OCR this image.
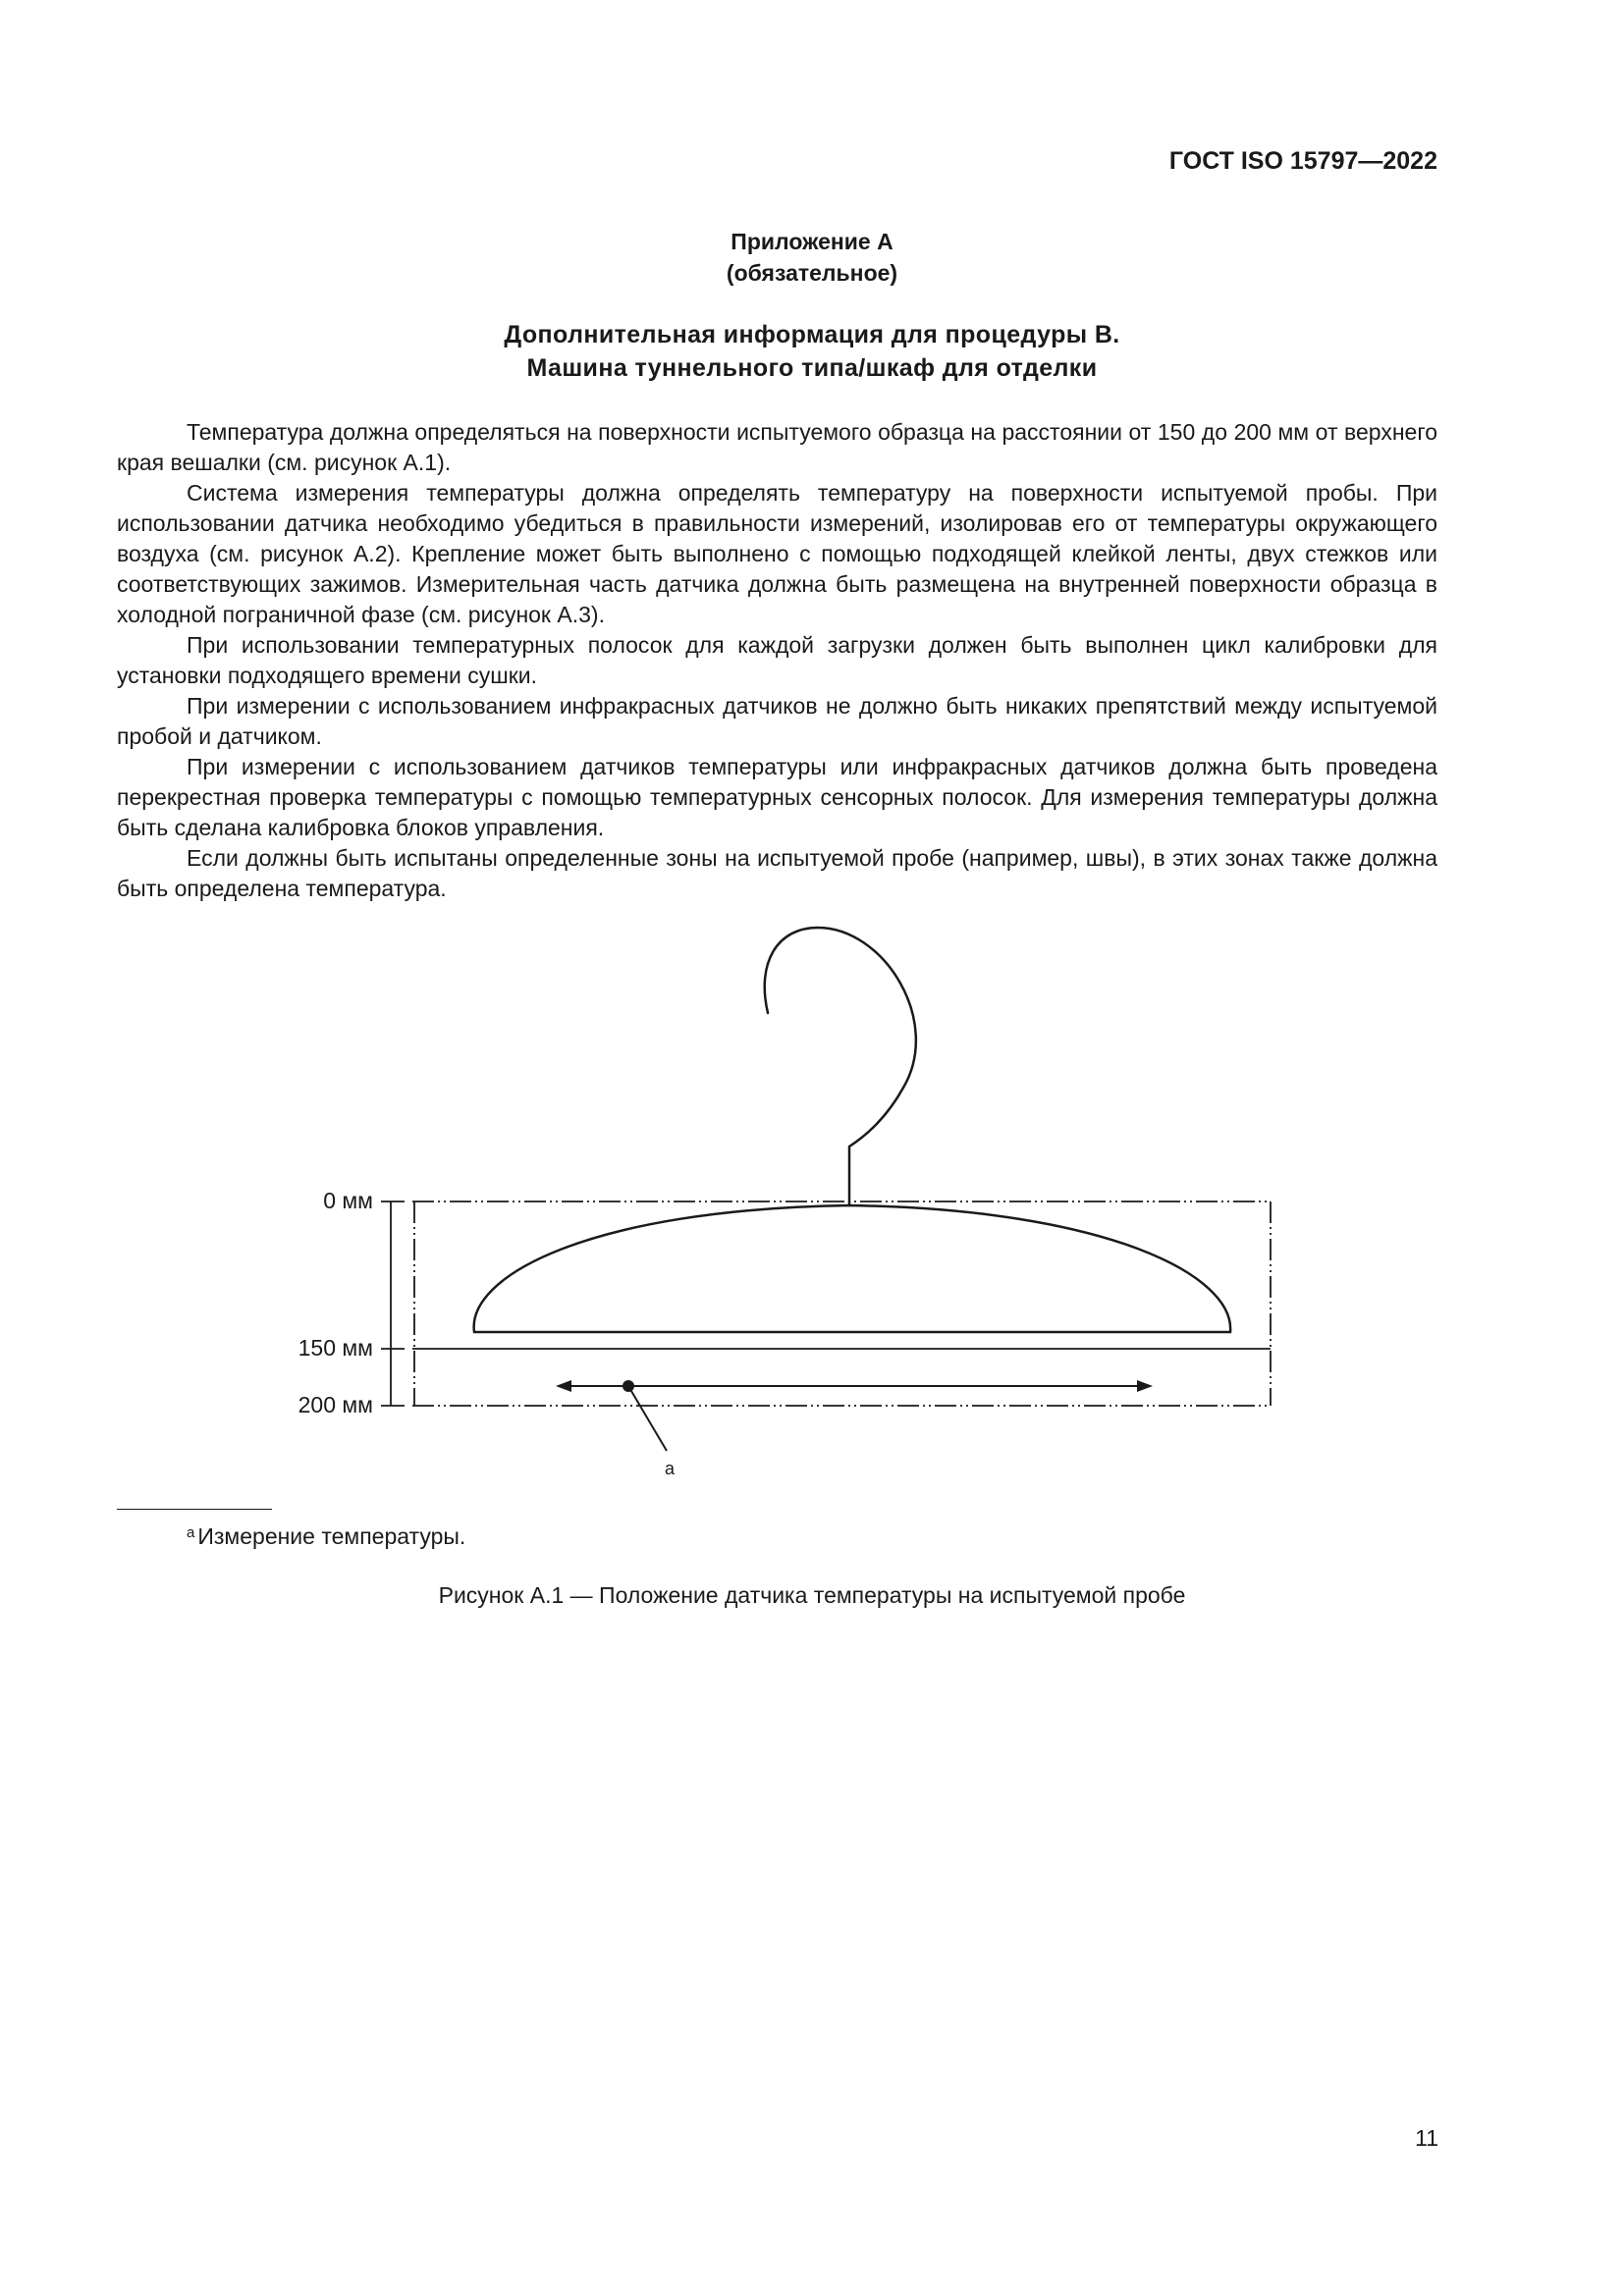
ГОСТ ISO 15797—2022
Приложение А
(обязательное)
Дополнительная информация для процедуры В.
Машина туннельного типа/шкаф для отделки

Температура должна определяться на поверхности испытуемого образца на расстоянии от 150 до 200 мм от верхнего края вешалки (см. рисунок А.1).

Система измерения температуры должна определять температуру на поверхности испытуемой пробы. При использовании датчика необходимо убедиться в правильности измерений, изолировав его от температуры окружающего воздуха (см. рисунок А.2). Крепление может быть выполнено с помощью подходящей клейкой ленты, двух стежков или соответствующих зажимов. Измерительная часть датчика должна быть размещена на внутренней поверхности образца в холодной пограничной фазе (см. рисунок А.3).

При использовании температурных полосок для каждой загрузки должен быть выполнен цикл калибровки для установки подходящего времени сушки.

При измерении с использованием инфракрасных датчиков не должно быть никаких препятствий между испытуемой пробой и датчиком.

При измерении с использованием датчиков температуры или инфракрасных датчиков должна быть проведена перекрестная проверка температуры с помощью температурных сенсорных полосок. Для измерения температуры должна быть сделана калибровка блоков управления.

Если должны быть испытаны определенные зоны на испытуемой пробе (например, швы), в этих зонах также должна быть определена температура.

0 мм
150 мм
200 мм
a
$^a$ Измерение температуры.
Рисунок А.1 — Положение датчика температуры на испытуемой пробе
11
